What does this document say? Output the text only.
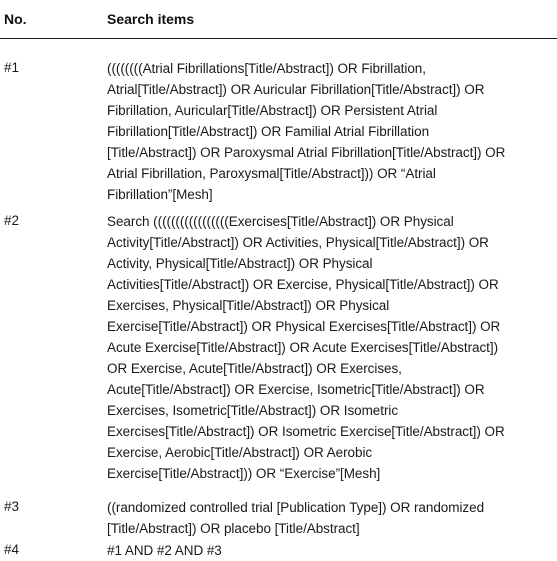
No.	Search items
#1	((((((((Atrial Fibrillations[Title/Abstract]) OR Fibrillation,
Atrial[Title/Abstract]) OR Auricular Fibrillation[Title/Abstract]) OR
Fibrillation, Auricular[Title/Abstract]) OR Persistent Atrial
Fibrillation[Title/Abstract]) OR Familial Atrial Fibrillation
[Title/Abstract]) OR Paroxysmal Atrial Fibrillation[Title/Abstract]) OR
Atrial Fibrillation, Paroxysmal[Title/Abstract])) OR “Atrial
Fibrillation”[Mesh]
#2	Search (((((((((((((((((Exercises[Title/Abstract]) OR Physical
Activity[Title/Abstract]) OR Activities, Physical[Title/Abstract]) OR
Activity, Physical[Title/Abstract]) OR Physical
Activities[Title/Abstract]) OR Exercise, Physical[Title/Abstract]) OR
Exercises, Physical[Title/Abstract]) OR Physical
Exercise[Title/Abstract]) OR Physical Exercises[Title/Abstract]) OR
Acute Exercise[Title/Abstract]) OR Acute Exercises[Title/Abstract])
OR Exercise, Acute[Title/Abstract]) OR Exercises,
Acute[Title/Abstract]) OR Exercise, Isometric[Title/Abstract]) OR
Exercises, Isometric[Title/Abstract]) OR Isometric
Exercises[Title/Abstract]) OR Isometric Exercise[Title/Abstract]) OR
Exercise, Aerobic[Title/Abstract]) OR Aerobic
Exercise[Title/Abstract])) OR “Exercise”[Mesh]
#3	((randomized controlled trial [Publication Type]) OR randomized
[Title/Abstract]) OR placebo [Title/Abstract]
#4	#1 AND #2 AND #3
